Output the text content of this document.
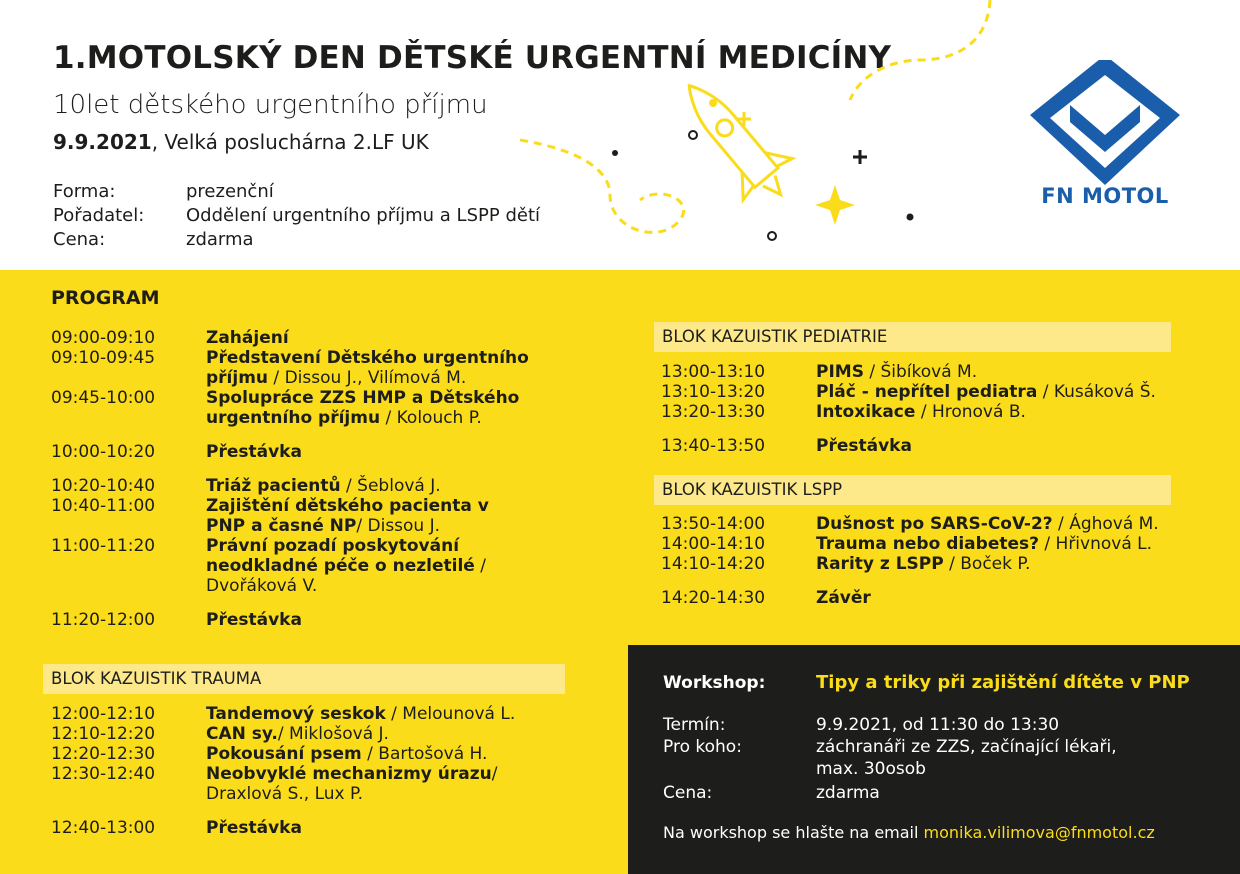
1.MOTOLSKÝ DEN DĚTSKÉ URGENTNÍ MEDICÍNY
10let dětského urgentního příjmu
9.9.2021, Velká posluchárna 2.LF UK
Forma:	prezenční
Pořadatel:	Oddělení urgentního příjmu a LSPP dětí
Cena:	zdarma
FN MOTOL
PROGRAM
09:00-09:10	Zahájení
09:10-09:45	Představení Dětského urgentního příjmu / Dissou J., Vilímová M.
09:45-10:00	Spolupráce ZZS HMP a Dětského urgentního příjmu / Kolouch P.
10:00-10:20	Přestávka
10:20-10:40	Triáž pacientů / Šeblová J.
10:40-11:00	Zajištění dětského pacienta v PNP a časné NP/ Dissou J.
11:00-11:20	Právní pozadí poskytování neodkladné péče o nezletilé / Dvořáková V.
11:20-12:00	Přestávka
BLOK KAZUISTIK TRAUMA
12:00-12:10	Tandemový seskok / Melounová L.
12:10-12:20	CAN sy./ Miklošová J.
12:20-12:30	Pokousání psem / Bartošová H.
12:30-12:40	Neobvyklé mechanizmy úrazu/ Draxlová S., Lux P.
12:40-13:00	Přestávka
BLOK KAZUISTIK PEDIATRIE
13:00-13:10	PIMS / Šibíková M.
13:10-13:20	Pláč - nepřítel pediatra / Kusáková Š.
13:20-13:30	Intoxikace / Hronová B.
13:40-13:50	Přestávka
BLOK KAZUISTIK LSPP
13:50-14:00	Dušnost po SARS-CoV-2? / Ághová M.
14:00-14:10	Trauma nebo diabetes? / Hřivnová L.
14:10-14:20	Rarity z LSPP / Boček P.
14:20-14:30	Závěr
Workshop:	Tipy a triky při zajištění dítěte v PNP
Termín:	9.9.2021, od 11:30 do 13:30
Pro koho:	záchranáři ze ZZS, začínající lékaři,
max. 30osob
Cena:	zdarma
Na workshop se hlašte na email monika.vilimova@fnmotol.cz
